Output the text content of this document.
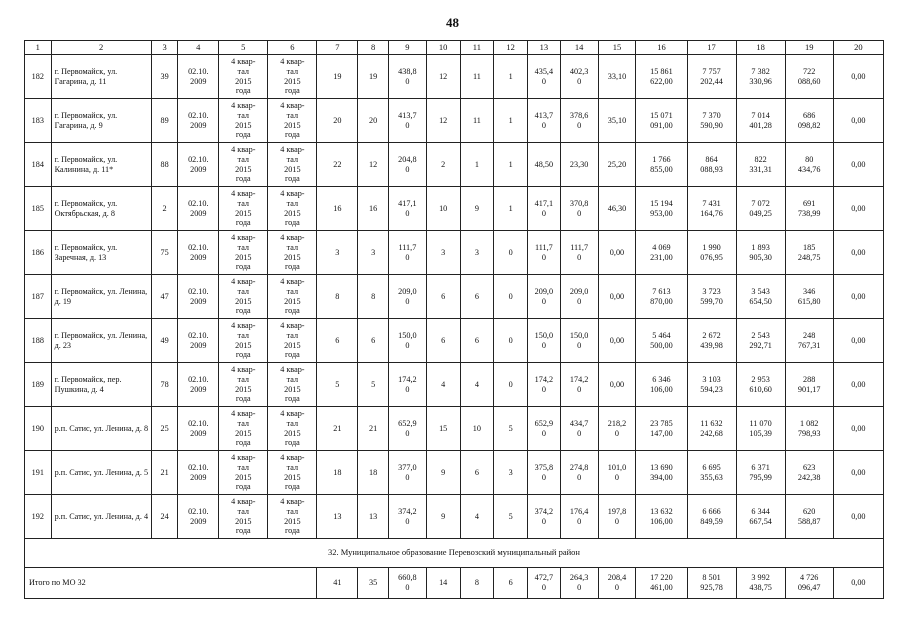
48
1	2	3	4	5	6	7	8	9	10	11	12	13	14	15	16	17	18	19	20
182	г. Первомайск, ул. Гагарина, д. 11	39	02.10.
2009	4 квар-
тал
2015
года	4 квар-
тал
2015
года	19	19	438,8
0	12	11	1	435,4
0	402,3
0	33,10	15 861
622,00	7 757
202,44	7 382
330,96	722
088,60	0,00
183	г. Первомайск, ул. Гагарина, д. 9	89	02.10.
2009	4 квар-
тал
2015
года	4 квар-
тал
2015
года	20	20	413,7
0	12	11	1	413,7
0	378,6
0	35,10	15 071
091,00	7 370
590,90	7 014
401,28	686
098,82	0,00
184	г. Первомайск, ул. Калинина, д. 11*	88	02.10.
2009	4 квар-
тал
2015
года	4 квар-
тал
2015
года	22	12	204,8
0	2	1	1	48,50	23,30	25,20	1 766
855,00	864
088,93	822
331,31	80
434,76	0,00
185	г. Первомайск, ул. Октябрьская, д. 8	2	02.10.
2009	4 квар-
тал
2015
года	4 квар-
тал
2015
года	16	16	417,1
0	10	9	1	417,1
0	370,8
0	46,30	15 194
953,00	7 431
164,76	7 072
049,25	691
738,99	0,00
186	г. Первомайск, ул. Заречная, д. 13	75	02.10.
2009	4 квар-
тал
2015
года	4 квар-
тал
2015
года	3	3	111,7
0	3	3	0	111,7
0	111,7
0	0,00	4 069
231,00	1 990
076,95	1 893
905,30	185
248,75	0,00
187	г. Первомайск, ул. Ленина, д. 19	47	02.10.
2009	4 квар-
тал
2015
года	4 квар-
тал
2015
года	8	8	209,0
0	6	6	0	209,0
0	209,0
0	0,00	7 613
870,00	3 723
599,70	3 543
654,50	346
615,80	0,00
188	г. Первомайск, ул. Ленина, д. 23	49	02.10.
2009	4 квар-
тал
2015
года	4 квар-
тал
2015
года	6	6	150,0
0	6	6	0	150,0
0	150,0
0	0,00	5 464
500,00	2 672
439,98	2 543
292,71	248
767,31	0,00
189	г. Первомайск, пер. Пушкина, д. 4	78	02.10.
2009	4 квар-
тал
2015
года	4 квар-
тал
2015
года	5	5	174,2
0	4	4	0	174,2
0	174,2
0	0,00	6 346
106,00	3 103
594,23	2 953
610,60	288
901,17	0,00
190	р.п. Сатис, ул. Ленина, д. 8	25	02.10.
2009	4 квар-
тал
2015
года	4 квар-
тал
2015
года	21	21	652,9
0	15	10	5	652,9
0	434,7
0	218,2
0	23 785
147,00	11 632
242,68	11 070
105,39	1 082
798,93	0,00
191	р.п. Сатис, ул. Ленина, д. 5	21	02.10.
2009	4 квар-
тал
2015
года	4 квар-
тал
2015
года	18	18	377,0
0	9	6	3	375,8
0	274,8
0	101,0
0	13 690
394,00	6 695
355,63	6 371
795,99	623
242,38	0,00
192	р.п. Сатис, ул. Ленина, д. 4	24	02.10.
2009	4 квар-
тал
2015
года	4 квар-
тал
2015
года	13	13	374,2
0	9	4	5	374,2
0	176,4
0	197,8
0	13 632
106,00	6 666
849,59	6 344
667,54	620
588,87	0,00
32. Муниципальное образование Перевозский муниципальный район																			
Итого по МО 32						41	35	660,8
0	14	8	6	472,7
0	264,3
0	208,4
0	17 220
461,00	8 501
925,78	3 992
438,75	4 726
096,47	0,00
